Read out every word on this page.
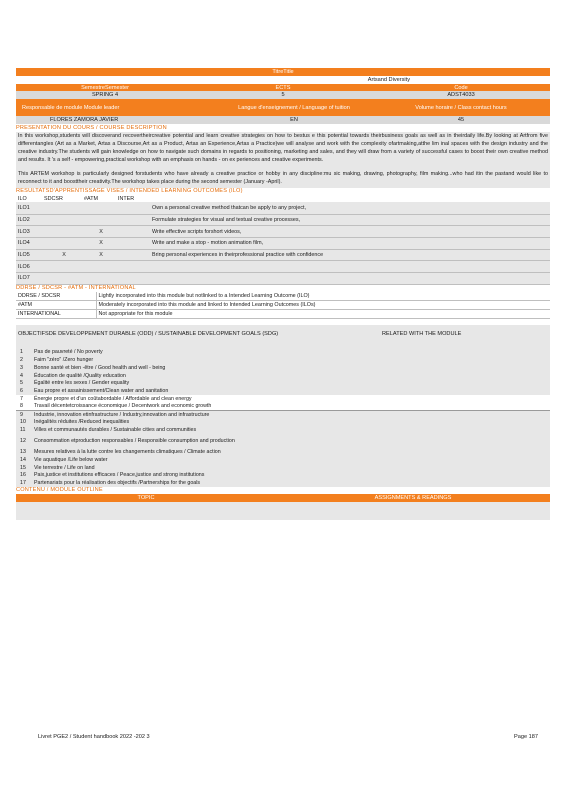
TitreTitle
Artsand Diversity
SemestreSemester	ECTS	Code
SPRING 4	5	ADST4033
Responsable de module Module leader	Langue d'enseignement / Language of tuition	Volume horaire / Class contact hours
FLORES ZAMORA JAVIER	EN	45
PRESENTATION DU COURS / COURSE DESCRIPTION

In this workshop,students will discoverand recovertheircreative potential and learn creative strategies on how to bestus e this potential towards theirbusiness goals as well as in theirdaily life.By looking at Artfrom five differentangles (Art as a Market, Artas a Discourse,Art as a Product, Artas an Experience,Artas a Practice)we will analyse and work with the complexity ofartmaking,atthe lim inal spaces with the design industry and the creative industry.The students will gain knowledge on how to navigate such domains in regards to positioning, marketing and sales, and they will draw from a variety of successful cases to boost their own creative method and results. It 's a self - empowering,practical workshop with an emphasis on hands - on ex periences and creative experiments.

This ARTEM workshop is particularly designed forstudents who have already a creative practice or hobby in any discipline:mu sic making, drawing, photography, film making...who had itin the pastand would like to reconnect to it and boosttheir creativity.The workshop takes place during the second semester (January -April).

RESULTATSD'APPRENTISSAGE VISES / INTENDED LEARNING OUTCOMES (ILO)
ILO	SDCSR	#ATM	INTER
ILO1				Own a personal creative method thatcan be apply to any project,
ILO2				Formulate strategies for visual and textual creative processes,
ILO3		X		Write effective scripts forshort videos,
ILO4		X		Write and make a stop - motion animation film,
ILO5	X	X		Bring personal experiences in theirprofessional practice with confidence
ILO6				
ILO7				
DDRSE / SDCSR - #ATM - INTERNATIONAL
DDRSE / SDCSR	Lightly incorporated into this module but notlinked to a Intended Learning Outcome (ILO)
#ATM	Moderately incorporated into this module and linked to Intended Learning Outcomes (ILOs)
INTERNATIONAL	Not appropriate for this module
OBJECTIFSDE DEVELOPPEMENT DURABLE (ODD) / SUSTAINABLE DEVELOPMENT GOALS (SDG)	RELATED WITH THE MODULE
1	Pas de pauvreté / No poverty	
2	Faim "zéro" /Zero hunger	
3	Bonne santé et bien -être / Good health and well - being	
4	Éducation de qualité /Quality education	
5	Égalité entre les sexes / Gender equality	
6	Eau propre et assainissement/Clean water and sanitation	
7	Énergie propre et d'un coûtabordable / Affordable and clean energy	
8	Travail décentetcroissance économique / Decentwork and economic growth	
9	Industrie, innovation etinfrastructure / Industry,innovation and infrastructure	
10	Inégalités réduites /Reduced inequalities	
11	Villes et communautés durables / Sustainable cities and communities	
12	Consommation etproduction responsables / Responsible consumption and production	
13	Mesures relatives à la lutte contre les changements climatiques / Climate action	
14	Vie aquatique /Life below water	
15	Vie terrestre / Life on land	
16	Paix,justice et institutions efficaces / Peace,justice and strong institutions	
17	Partenariats pour la réalisation des objectifs /Partnerships for the goals	
CONTENU / MODULE OUTLINE
TOPIC	ASSIGNMENTS & READINGS
Livret PGE2 / Student handbook 2022 -202 3	Page 187
